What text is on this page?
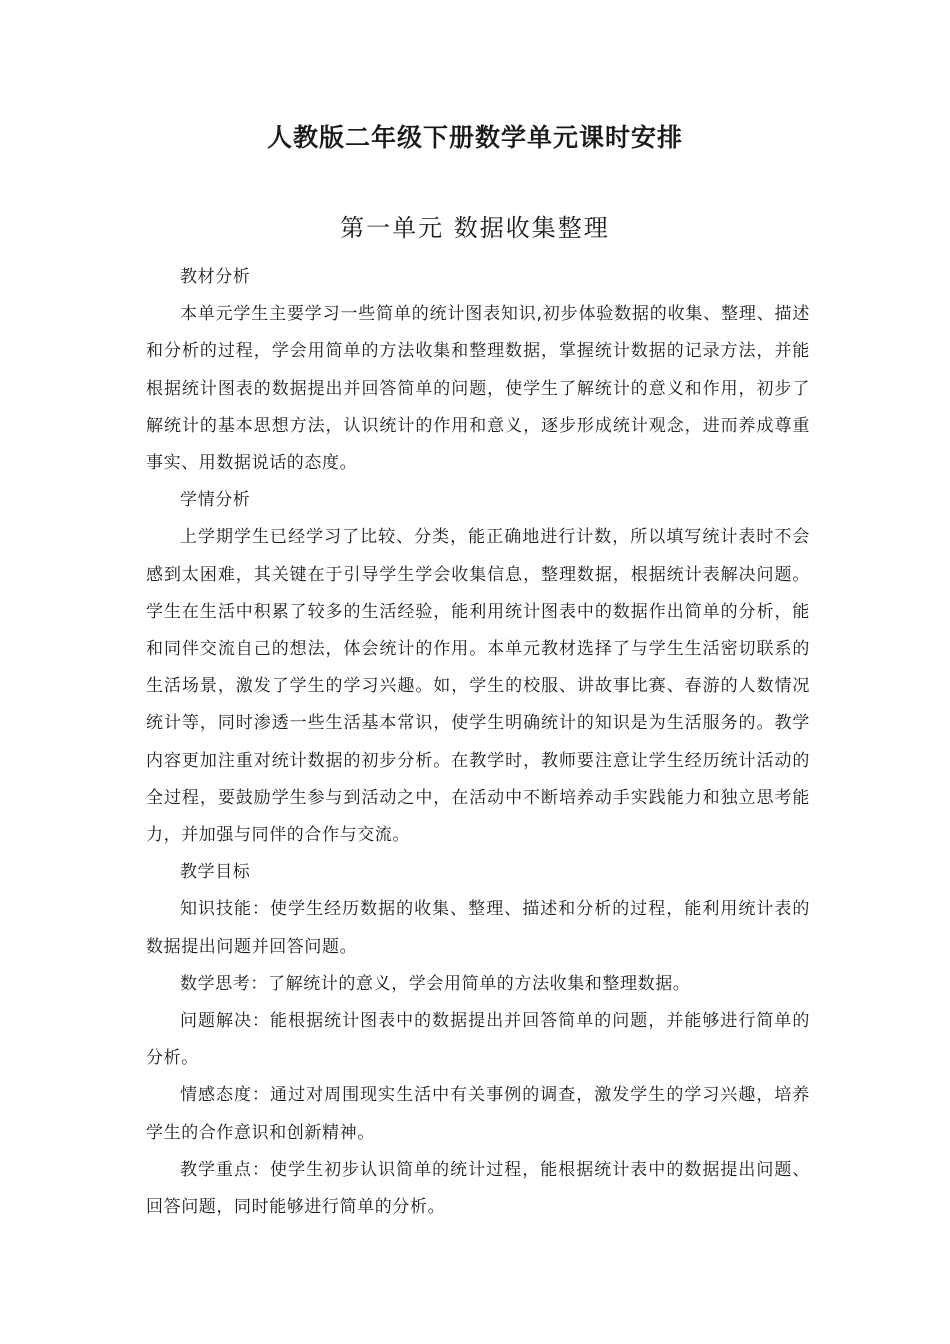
人教版二年级下册数学单元课时安排
第一单元 数据收集整理

教材分析

本单元学生主要学习一些简单的统计图表知识,初步体验数据的收集、整理、描述和分析的过程，学会用简单的方法收集和整理数据，掌握统计数据的记录方法，并能根据统计图表的数据提出并回答简单的问题，使学生了解统计的意义和作用，初步了解统计的基本思想方法，认识统计的作用和意义，逐步形成统计观念，进而养成尊重事实、用数据说话的态度。

学情分析

上学期学生已经学习了比较、分类，能正确地进行计数，所以填写统计表时不会感到太困难，其关键在于引导学生学会收集信息，整理数据，根据统计表解决问题。学生在生活中积累了较多的生活经验，能利用统计图表中的数据作出简单的分析，能和同伴交流自己的想法，体会统计的作用。本单元教材选择了与学生生活密切联系的生活场景，激发了学生的学习兴趣。如，学生的校服、讲故事比赛、春游的人数情况统计等，同时渗透一些生活基本常识，使学生明确统计的知识是为生活服务的。教学内容更加注重对统计数据的初步分析。在教学时，教师要注意让学生经历统计活动的全过程，要鼓励学生参与到活动之中，在活动中不断培养动手实践能力和独立思考能力，并加强与同伴的合作与交流。

教学目标

知识技能：使学生经历数据的收集、整理、描述和分析的过程，能利用统计表的数据提出问题并回答问题。

数学思考：了解统计的意义，学会用简单的方法收集和整理数据。

问题解决：能根据统计图表中的数据提出并回答简单的问题，并能够进行简单的分析。

情感态度：通过对周围现实生活中有关事例的调查，激发学生的学习兴趣，培养学生的合作意识和创新精神。

教学重点：使学生初步认识简单的统计过程，能根据统计表中的数据提出问题、回答问题，同时能够进行简单的分析。
